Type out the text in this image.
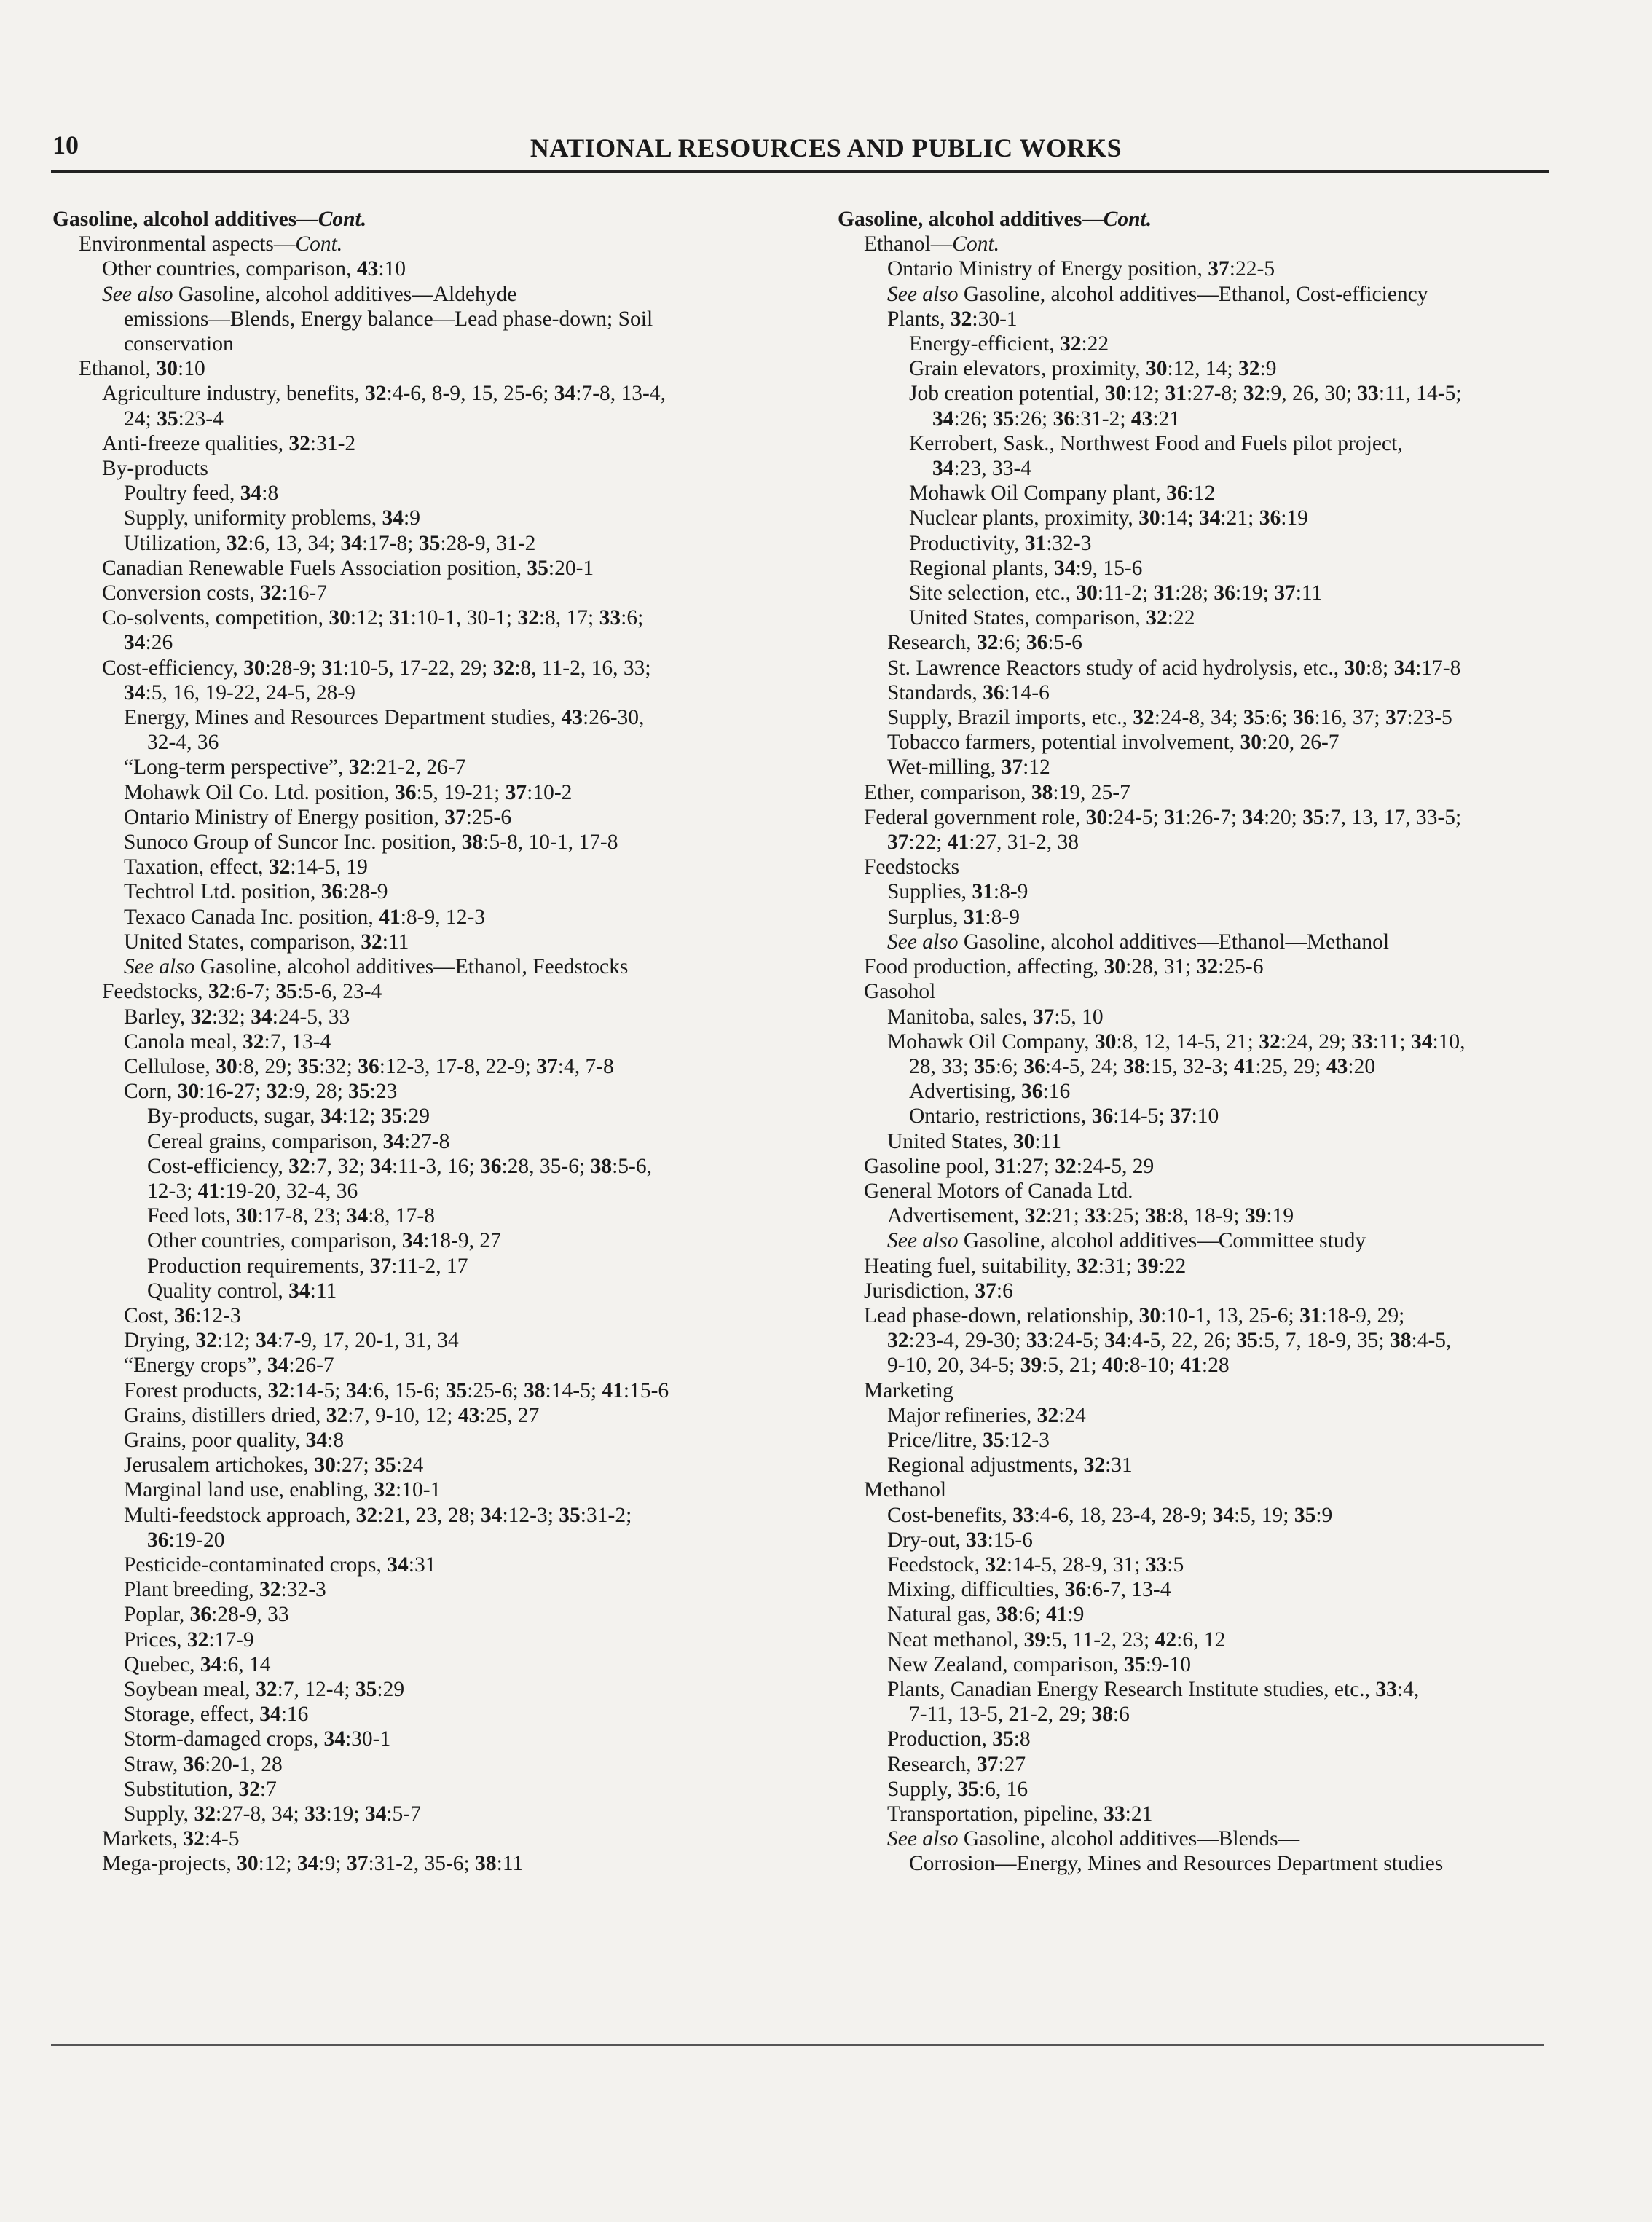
10	NATIONAL RESOURCES AND PUBLIC WORKS
Gasoline, alcohol additives—Cont.
Environmental aspects—Cont.
Other countries, comparison, 43:10
See also Gasoline, alcohol additives—Aldehyde
emissions—Blends, Energy balance—Lead phase-down; Soil
conservation
Ethanol, 30:10
Agriculture industry, benefits, 32:4-6, 8-9, 15, 25-6; 34:7-8, 13-4,
24; 35:23-4
Anti-freeze qualities, 32:31-2
By-products
Poultry feed, 34:8
Supply, uniformity problems, 34:9
Utilization, 32:6, 13, 34; 34:17-8; 35:28-9, 31-2
Canadian Renewable Fuels Association position, 35:20-1
Conversion costs, 32:16-7
Co-solvents, competition, 30:12; 31:10-1, 30-1; 32:8, 17; 33:6;
34:26
Cost-efficiency, 30:28-9; 31:10-5, 17-22, 29; 32:8, 11-2, 16, 33;
34:5, 16, 19-22, 24-5, 28-9
Energy, Mines and Resources Department studies, 43:26-30,
32-4, 36
“Long-term perspective”, 32:21-2, 26-7
Mohawk Oil Co. Ltd. position, 36:5, 19-21; 37:10-2
Ontario Ministry of Energy position, 37:25-6
Sunoco Group of Suncor Inc. position, 38:5-8, 10-1, 17-8
Taxation, effect, 32:14-5, 19
Techtrol Ltd. position, 36:28-9
Texaco Canada Inc. position, 41:8-9, 12-3
United States, comparison, 32:11
See also Gasoline, alcohol additives—Ethanol, Feedstocks
Feedstocks, 32:6-7; 35:5-6, 23-4
Barley, 32:32; 34:24-5, 33
Canola meal, 32:7, 13-4
Cellulose, 30:8, 29; 35:32; 36:12-3, 17-8, 22-9; 37:4, 7-8
Corn, 30:16-27; 32:9, 28; 35:23
By-products, sugar, 34:12; 35:29
Cereal grains, comparison, 34:27-8
Cost-efficiency, 32:7, 32; 34:11-3, 16; 36:28, 35-6; 38:5-6,
12-3; 41:19-20, 32-4, 36
Feed lots, 30:17-8, 23; 34:8, 17-8
Other countries, comparison, 34:18-9, 27
Production requirements, 37:11-2, 17
Quality control, 34:11
Cost, 36:12-3
Drying, 32:12; 34:7-9, 17, 20-1, 31, 34
“Energy crops”, 34:26-7
Forest products, 32:14-5; 34:6, 15-6; 35:25-6; 38:14-5; 41:15-6
Grains, distillers dried, 32:7, 9-10, 12; 43:25, 27
Grains, poor quality, 34:8
Jerusalem artichokes, 30:27; 35:24
Marginal land use, enabling, 32:10-1
Multi-feedstock approach, 32:21, 23, 28; 34:12-3; 35:31-2;
36:19-20
Pesticide-contaminated crops, 34:31
Plant breeding, 32:32-3
Poplar, 36:28-9, 33
Prices, 32:17-9
Quebec, 34:6, 14
Soybean meal, 32:7, 12-4; 35:29
Storage, effect, 34:16
Storm-damaged crops, 34:30-1
Straw, 36:20-1, 28
Substitution, 32:7
Supply, 32:27-8, 34; 33:19; 34:5-7
Markets, 32:4-5
Mega-projects, 30:12; 34:9; 37:31-2, 35-6; 38:11
Gasoline, alcohol additives—Cont.
Ethanol—Cont.
Ontario Ministry of Energy position, 37:22-5
See also Gasoline, alcohol additives—Ethanol, Cost-efficiency
Plants, 32:30-1
Energy-efficient, 32:22
Grain elevators, proximity, 30:12, 14; 32:9
Job creation potential, 30:12; 31:27-8; 32:9, 26, 30; 33:11, 14-5;
34:26; 35:26; 36:31-2; 43:21
Kerrobert, Sask., Northwest Food and Fuels pilot project,
34:23, 33-4
Mohawk Oil Company plant, 36:12
Nuclear plants, proximity, 30:14; 34:21; 36:19
Productivity, 31:32-3
Regional plants, 34:9, 15-6
Site selection, etc., 30:11-2; 31:28; 36:19; 37:11
United States, comparison, 32:22
Research, 32:6; 36:5-6
St. Lawrence Reactors study of acid hydrolysis, etc., 30:8; 34:17-8
Standards, 36:14-6
Supply, Brazil imports, etc., 32:24-8, 34; 35:6; 36:16, 37; 37:23-5
Tobacco farmers, potential involvement, 30:20, 26-7
Wet-milling, 37:12
Ether, comparison, 38:19, 25-7
Federal government role, 30:24-5; 31:26-7; 34:20; 35:7, 13, 17, 33-5;
37:22; 41:27, 31-2, 38
Feedstocks
Supplies, 31:8-9
Surplus, 31:8-9
See also Gasoline, alcohol additives—Ethanol—Methanol
Food production, affecting, 30:28, 31; 32:25-6
Gasohol
Manitoba, sales, 37:5, 10
Mohawk Oil Company, 30:8, 12, 14-5, 21; 32:24, 29; 33:11; 34:10,
28, 33; 35:6; 36:4-5, 24; 38:15, 32-3; 41:25, 29; 43:20
Advertising, 36:16
Ontario, restrictions, 36:14-5; 37:10
United States, 30:11
Gasoline pool, 31:27; 32:24-5, 29
General Motors of Canada Ltd.
Advertisement, 32:21; 33:25; 38:8, 18-9; 39:19
See also Gasoline, alcohol additives—Committee study
Heating fuel, suitability, 32:31; 39:22
Jurisdiction, 37:6
Lead phase-down, relationship, 30:10-1, 13, 25-6; 31:18-9, 29;
32:23-4, 29-30; 33:24-5; 34:4-5, 22, 26; 35:5, 7, 18-9, 35; 38:4-5,
9-10, 20, 34-5; 39:5, 21; 40:8-10; 41:28
Marketing
Major refineries, 32:24
Price/litre, 35:12-3
Regional adjustments, 32:31
Methanol
Cost-benefits, 33:4-6, 18, 23-4, 28-9; 34:5, 19; 35:9
Dry-out, 33:15-6
Feedstock, 32:14-5, 28-9, 31; 33:5
Mixing, difficulties, 36:6-7, 13-4
Natural gas, 38:6; 41:9
Neat methanol, 39:5, 11-2, 23; 42:6, 12
New Zealand, comparison, 35:9-10
Plants, Canadian Energy Research Institute studies, etc., 33:4,
7-11, 13-5, 21-2, 29; 38:6
Production, 35:8
Research, 37:27
Supply, 35:6, 16
Transportation, pipeline, 33:21
See also Gasoline, alcohol additives—Blends—
Corrosion—Energy, Mines and Resources Department studies
